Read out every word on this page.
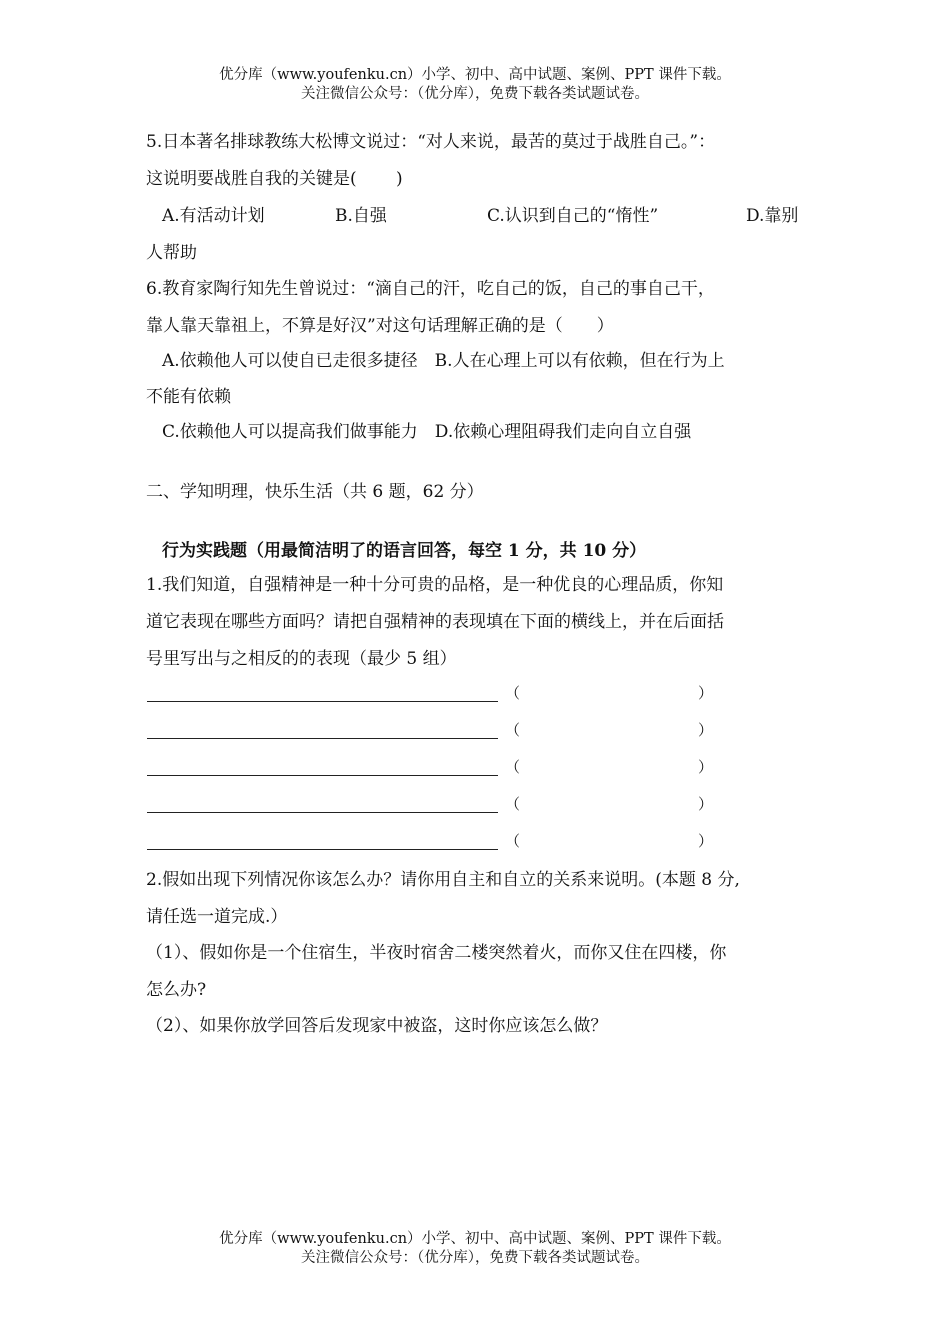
优分库（www.youfenku.cn）小学、初中、高中试题、案例、PPT 课件下载。
关注微信公众号：（优分库），免费下载各类试题试卷。
5.日本著名排球教练大松博文说过：“对人来说，最苦的莫过于战胜自己。”：
这说明要战胜自我的关键是(　　 )
A.有活动计划	B.自强	C.认识到自己的“惰性”	D.靠别
人帮助
6.教育家陶行知先生曾说过：“滴自己的汗，吃自己的饭，自己的事自己干，
靠人靠天靠祖上，不算是好汉”对这句话理解正确的是（　　）
A.依赖他人可以使自已走很多捷径　B.人在心理上可以有依赖，但在行为上
不能有依赖
C.依赖他人可以提高我们做事能力　D.依赖心理阻碍我们走向自立自强
二、学知明理，快乐生活（共 6 题，62 分）
行为实践题（用最简洁明了的语言回答，每空 1 分，共 10 分）
1.我们知道，自强精神是一种十分可贵的品格，是一种优良的心理品质，你知
道它表现在哪些方面吗？请把自强精神的表现填在下面的横线上，并在后面括
号里写出与之相反的的表现（最少 5 组）
（	）
（	）
（	）
（	）
（	）
2.假如出现下列情况你该怎么办？请你用自主和自立的关系来说明。(本题 8 分,
请任选一道完成.）
（1）、假如你是一个住宿生，半夜时宿舍二楼突然着火，而你又住在四楼，你
怎么办?
（2）、如果你放学回答后发现家中被盗，这时你应该怎么做？
优分库（www.youfenku.cn）小学、初中、高中试题、案例、PPT 课件下载。
关注微信公众号：（优分库），免费下载各类试题试卷。
